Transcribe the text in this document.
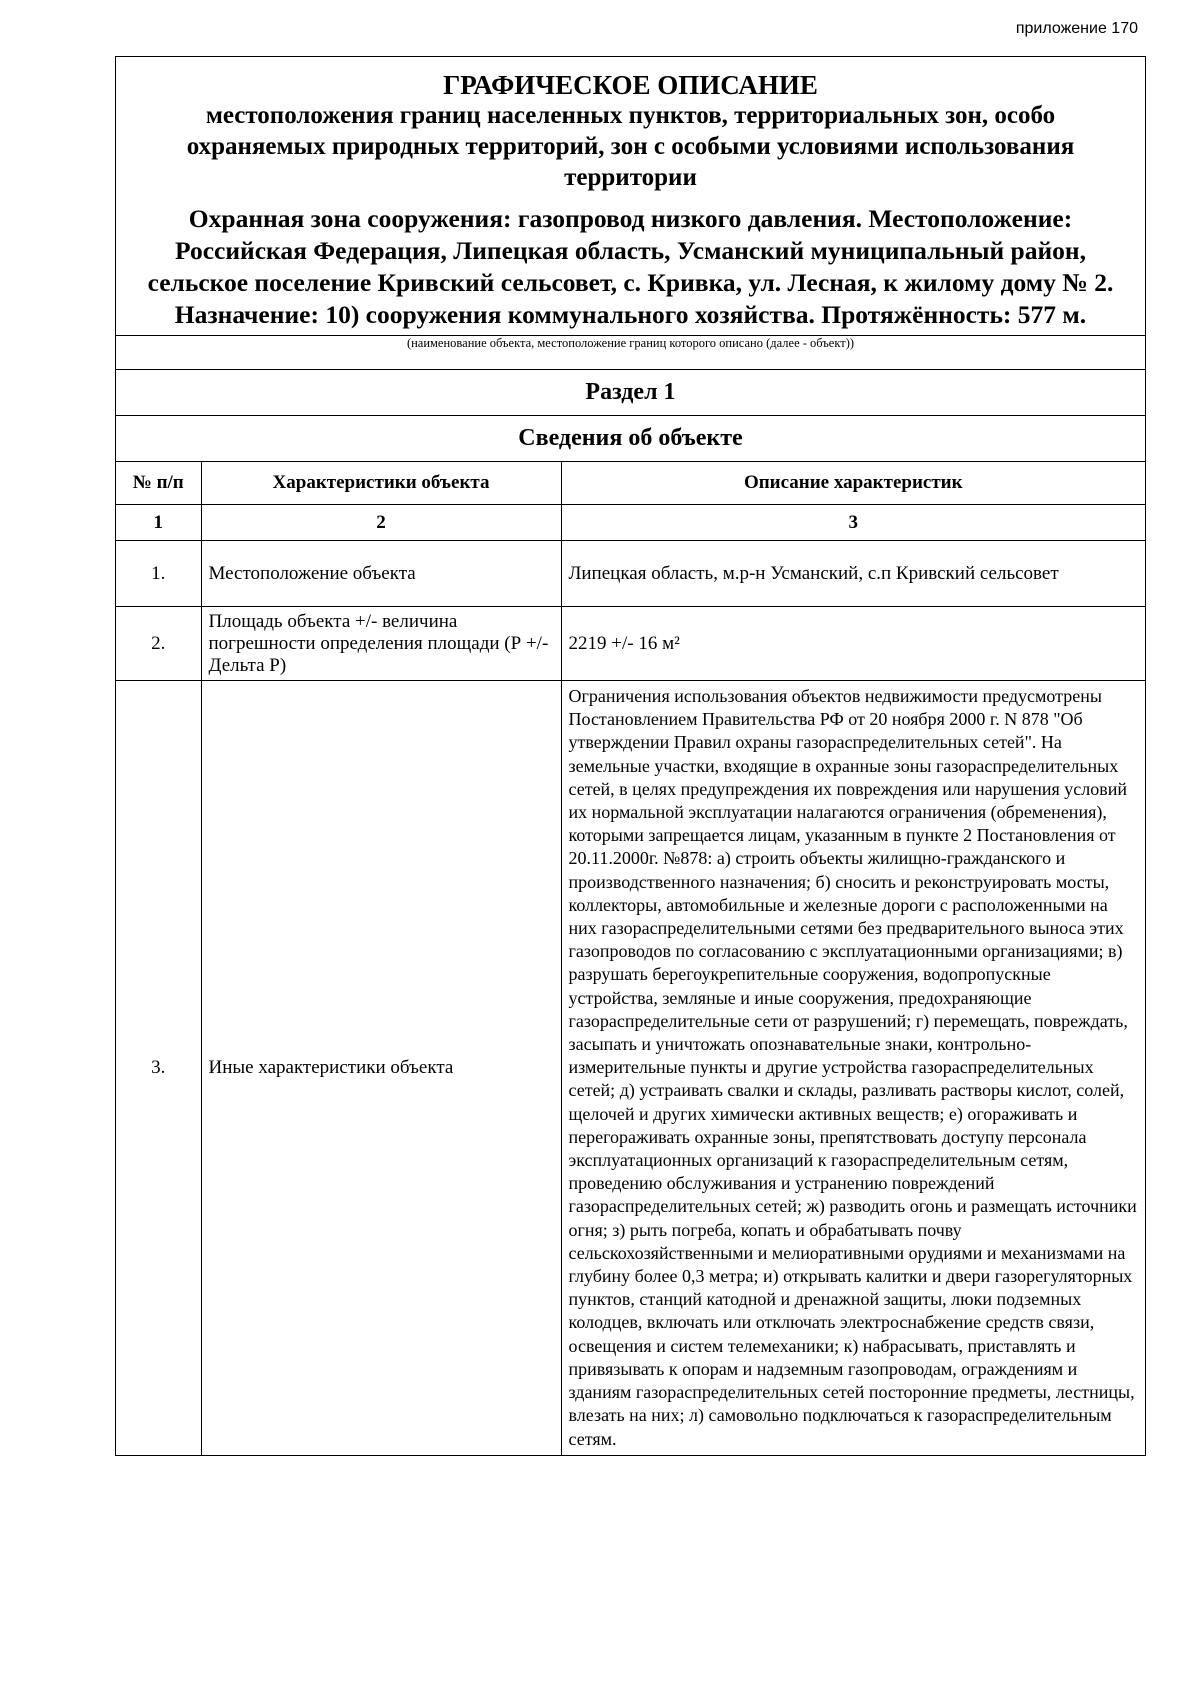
приложение 170
ГРАФИЧЕСКОЕ ОПИСАНИЕ
местоположения границ населенных пунктов, территориальных зон, особо охраняемых природных территорий, зон с особыми условиями использования территории
Охранная зона сооружения: газопровод низкого давления. Местоположение: Российская Федерация, Липецкая область, Усманский муниципальный район, сельское поселение Кривский сельсовет, с. Кривка, ул. Лесная, к жилому дому № 2. Назначение: 10) сооружения коммунального хозяйства. Протяжённость: 577 м.
(наименование объекта, местоположение границ которого описано (далее - объект))
Раздел 1
Сведения об объекте
№ п/п	Характеристики объекта	Описание характеристик
1	2	3
1.	Местоположение объекта	Липецкая область, м.р-н Усманский, с.п Кривский сельсовет
2.	Площадь объекта +/- величина погрешности определения площади (Р +/- Дельта Р)	2219 +/- 16 м²
3.	Иные характеристики объекта	Ограничения использования объектов недвижимости предусмотрены Постановлением Правительства РФ от 20 ноября 2000 г. N 878 "Об утверждении Правил охраны газораспределительных сетей". На земельные участки, входящие в охранные зоны газораспределительных сетей, в целях предупреждения их повреждения или нарушения условий их нормальной эксплуатации налагаются ограничения (обременения), которыми запрещается лицам, указанным в пункте 2 Постановления от 20.11.2000г. №878: а) строить объекты жилищно-гражданского и производственного назначения; б) сносить и реконструировать мосты, коллекторы, автомобильные и железные дороги с расположенными на них газораспределительными сетями без предварительного выноса этих газопроводов по согласованию с эксплуатационными организациями; в) разрушать берегоукрепительные сооружения, водопропускные устройства, земляные и иные сооружения, предохраняющие газораспределительные сети от разрушений; г) перемещать, повреждать, засыпать и уничтожать опознавательные знаки, контрольно-измерительные пункты и другие устройства газораспределительных сетей; д) устраивать свалки и склады, разливать растворы кислот, солей, щелочей и других химически активных веществ; е) огораживать и перегораживать охранные зоны, препятствовать доступу персонала эксплуатационных организаций к газораспределительным сетям, проведению обслуживания и устранению повреждений газораспределительных сетей; ж) разводить огонь и размещать источники огня; з) рыть погреба, копать и обрабатывать почву сельскохозяйственными и мелиоративными орудиями и механизмами на глубину более 0,3 метра; и) открывать калитки и двери газорегуляторных пунктов, станций катодной и дренажной защиты, люки подземных колодцев, включать или отключать электроснабжение средств связи, освещения и систем телемеханики; к) набрасывать, приставлять и привязывать к опорам и надземным газопроводам, ограждениям и зданиям газораспределительных сетей посторонние предметы, лестницы, влезать на них; л) самовольно подключаться к газораспределительным сетям.
